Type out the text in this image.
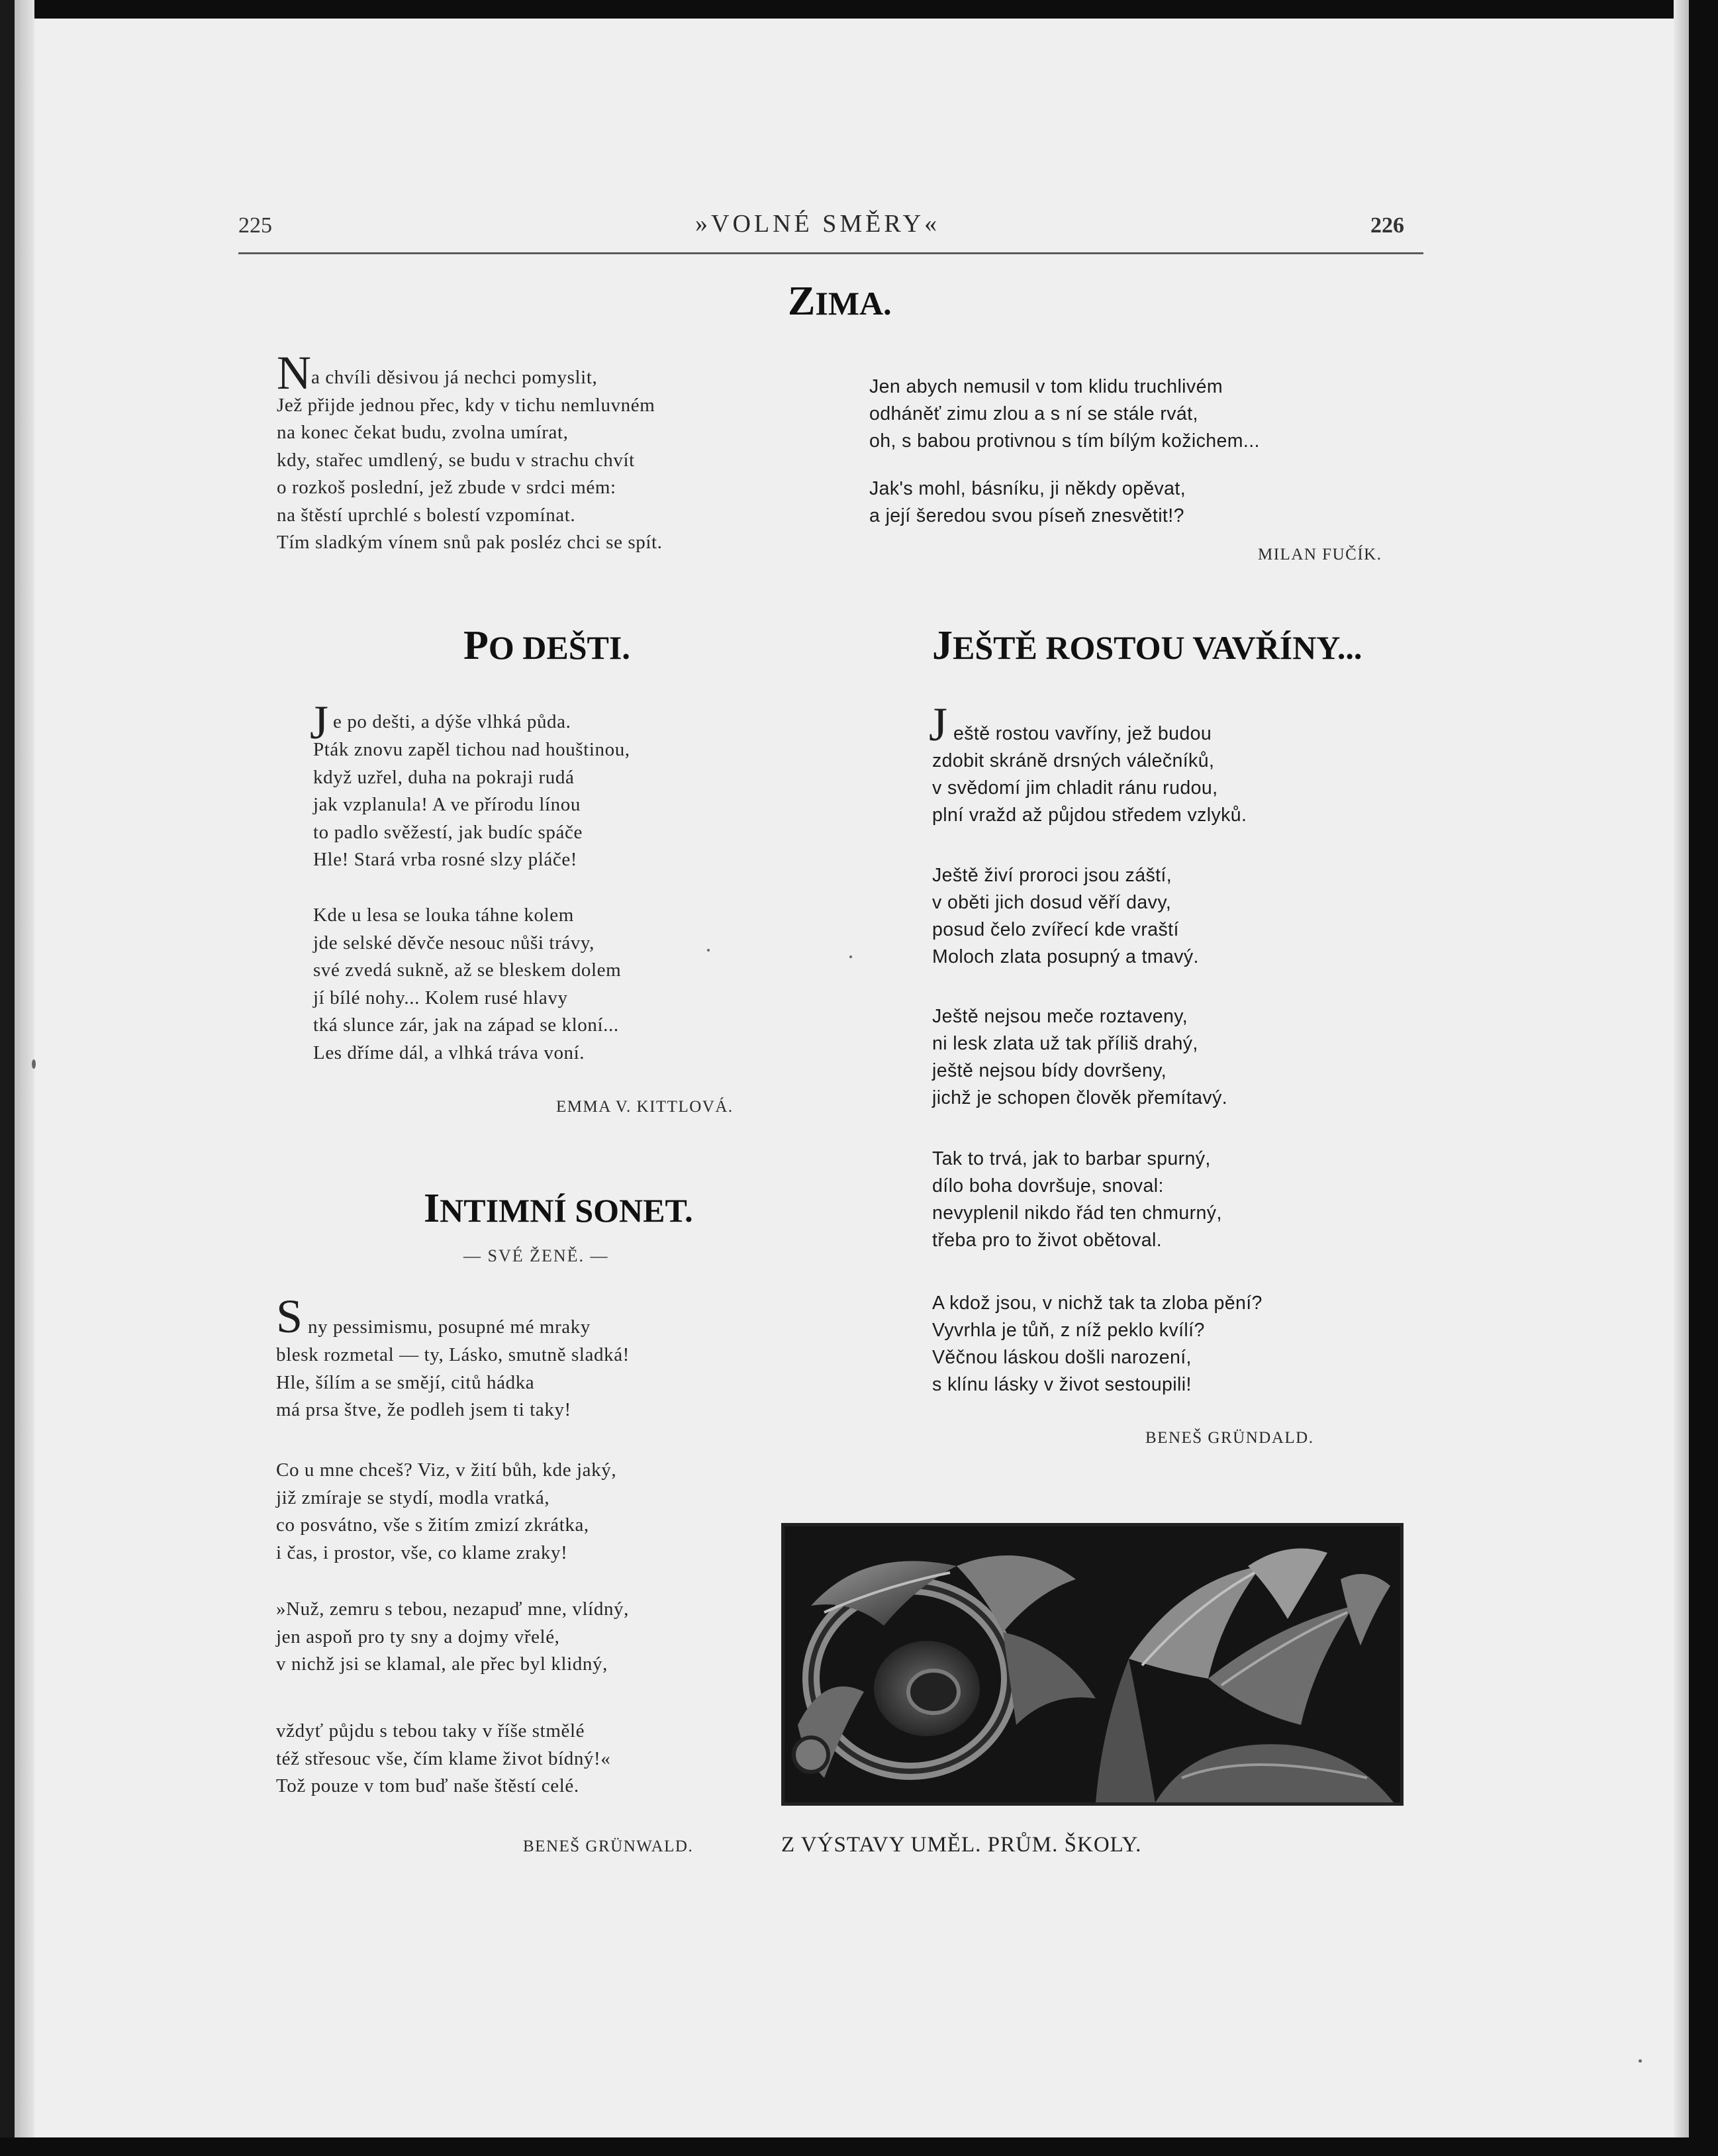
225	»VOLNÉ SMĚRY«	226
ZIMA.
N a chvíli děsivou já nechci pomyslit,
Jež přijde jednou přec, kdy v tichu nemluvném
na konec čekat budu, zvolna umírat,
kdy, stařec umdlený, se budu v strachu chvít
o rozkoš poslední, jež zbude v srdci mém:
na štěstí uprchlé s bolestí vzpomínat.
Tím sladkým vínem snů pak posléz chci se spít.
Jen abych nemusil v tom klidu truchlivém
odháněť zimu zlou a s ní se stále rvát,
oh, s babou protivnou s tím bílým kožichem...
Jak's mohl, básníku, ji někdy opěvat,
a její šeredou svou píseň znesvětit!?
MILAN FUČÍK.
PO DEŠTI.
J e po dešti, a dýše vlhká půda.
Pták znovu zapěl tichou nad houštinou,
když uzřel, duha na pokraji rudá
jak vzplanula! A ve přírodu línou
to padlo svěžestí, jak budíc spáče
Hle! Stará vrba rosné slzy pláče!
Kde u lesa se louka táhne kolem
jde selské děvče nesouc nůši trávy,
své zvedá sukně, až se bleskem dolem
jí bílé nohy... Kolem rusé hlavy
tká slunce zár, jak na západ se kloní...
Les dříme dál, a vlhká tráva voní.
EMMA V. KITTLOVÁ.
INTIMNÍ SONET.
— SVÉ ŽENĚ. —
S ny pessimismu, posupné mé mraky
blesk rozmetal — ty, Lásko, smutně sladká!
Hle, šílím a se smějí, citů hádka
má prsa štve, že podleh jsem ti taky!
Co u mne chceš? Viz, v žití bůh, kde jaký,
již zmíraje se stydí, modla vratká,
co posvátno, vše s žitím zmizí zkrátka,
i čas, i prostor, vše, co klame zraky!
»Nuž, zemru s tebou, nezapuď mne, vlídný,
jen aspoň pro ty sny a dojmy vřelé,
v nichž jsi se klamal, ale přec byl klidný,
vždyť půjdu s tebou taky v říše stmělé
též střesouc vše, čím klame život bídný!«
Tož pouze v tom buď naše štěstí celé.
BENEŠ GRÜNWALD.
JEŠTĚ ROSTOU VAVŘÍNY...
J eště rostou vavříny, jež budou
zdobit skráně drsných válečníků,
v svědomí jim chladit ránu rudou,
plní vražd až půjdou středem vzlyků.
Ještě živí proroci jsou záští,
v oběti jich dosud věří davy,
posud čelo zvířecí kde vraští
Moloch zlata posupný a tmavý.
Ještě nejsou meče roztaveny,
ni lesk zlata už tak příliš drahý,
ještě nejsou bídy dovršeny,
jichž je schopen člověk přemítavý.
Tak to trvá, jak to barbar spurný,
dílo boha dovršuje, snoval:
nevyplenil nikdo řád ten chmurný,
třeba pro to život obětoval.
A kdož jsou, v nichž tak ta zloba pění?
Vyvrhla je tůň, z níž peklo kvílí?
Věčnou láskou došli narození,
s klínu lásky v život sestoupili!
BENEŠ GRÜNDALD.
Z VÝSTAVY UMĚL. PRŮM. ŠKOLY.
